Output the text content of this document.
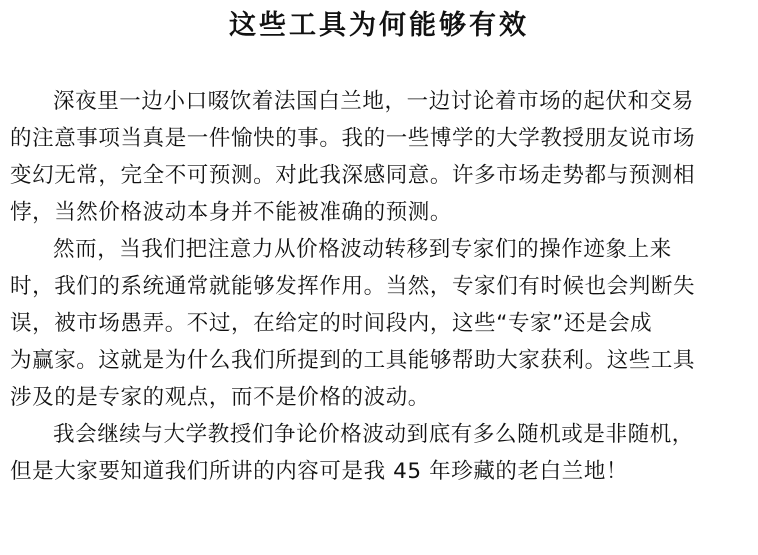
这些工具为何能够有效
深夜里一边小口啜饮着法国白兰地，一边讨论着市场的起伏和交易
的注意事项当真是一件愉快的事。我的一些博学的大学教授朋友说市场
变幻无常，完全不可预测。对此我深感同意。许多市场走势都与预测相
悖，当然价格波动本身并不能被准确的预测。
然而，当我们把注意力从价格波动转移到专家们的操作迹象上来
时，我们的系统通常就能够发挥作用。当然，专家们有时候也会判断失
误，被市场愚弄。不过，在给定的时间段内，这些“专家”还是会成
为赢家。这就是为什么我们所提到的工具能够帮助大家获利。这些工具
涉及的是专家的观点，而不是价格的波动。
我会继续与大学教授们争论价格波动到底有多么随机或是非随机，
但是大家要知道我们所讲的内容可是我 45 年珍藏的老白兰地！
